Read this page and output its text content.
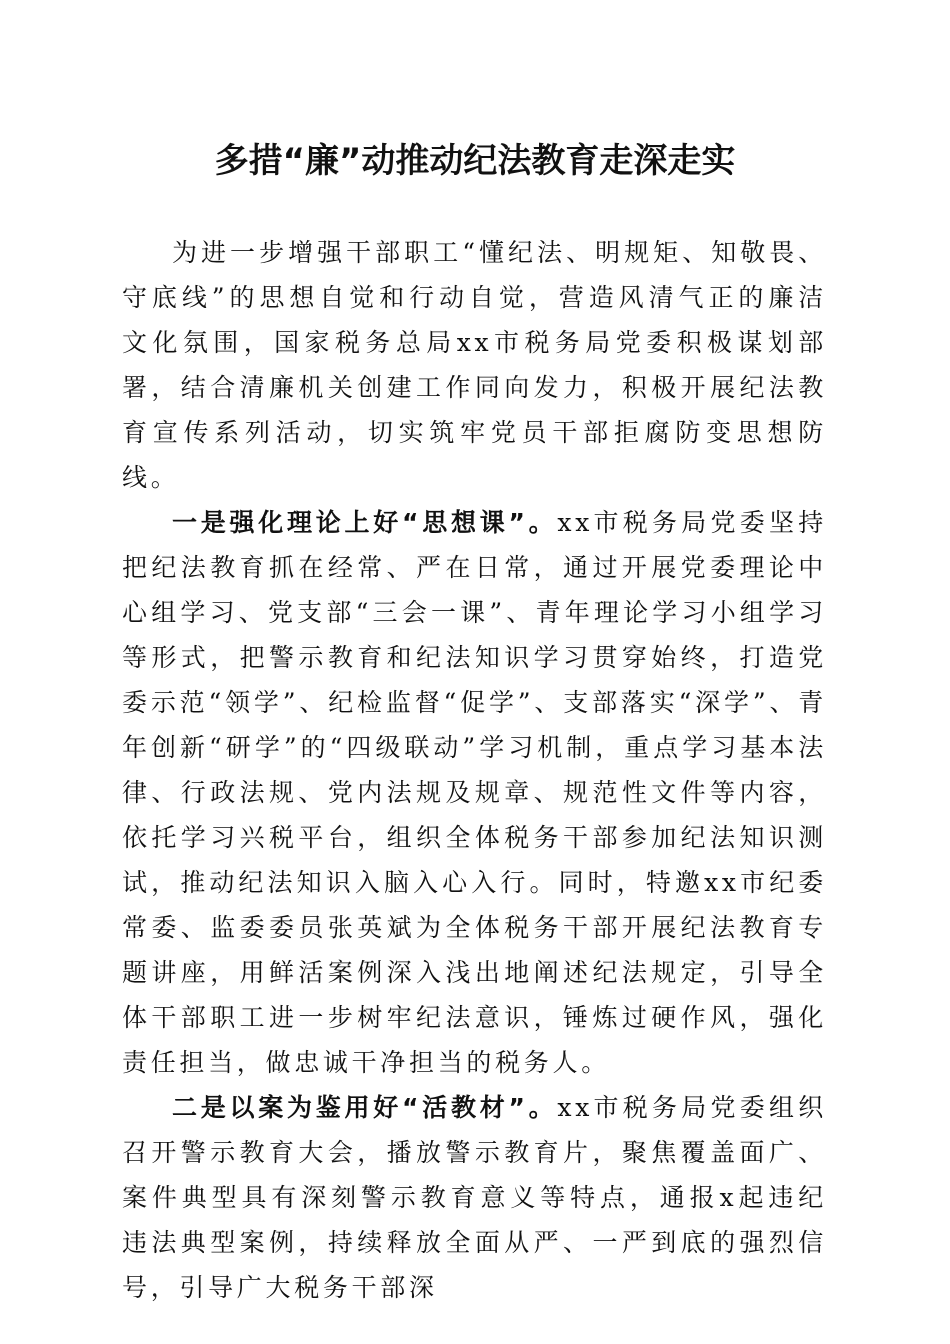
多措“廉”动推动纪法教育走深走实

为进一步增强干部职工“懂纪法、明规矩、知敬畏、守底线”的思想自觉和行动自觉，营造风清气正的廉洁文化氛围，国家税务总局xx市税务局党委积极谋划部署，结合清廉机关创建工作同向发力，积极开展纪法教育宣传系列活动，切实筑牢党员干部拒腐防变思想防线。

一是强化理论上好“思想课”。xx市税务局党委坚持把纪法教育抓在经常、严在日常，通过开展党委理论中心组学习、党支部“三会一课”、青年理论学习小组学习等形式，把警示教育和纪法知识学习贯穿始终，打造党委示范“领学”、纪检监督“促学”、支部落实“深学”、青年创新“研学”的“四级联动”学习机制，重点学习基本法律、行政法规、党内法规及规章、规范性文件等内容，依托学习兴税平台，组织全体税务干部参加纪法知识测试，推动纪法知识入脑入心入行。同时，特邀xx市纪委常委、监委委员张英斌为全体税务干部开展纪法教育专题讲座，用鲜活案例深入浅出地阐述纪法规定，引导全体干部职工进一步树牢纪法意识，锤炼过硬作风，强化责任担当，做忠诚干净担当的税务人。

二是以案为鉴用好“活教材”。xx市税务局党委组织召开警示教育大会，播放警示教育片，聚焦覆盖面广、案件典型具有深刻警示教育意义等特点，通报x起违纪违法典型案例，持续释放全面从严、一严到底的强烈信号，引导广大税务干部深
